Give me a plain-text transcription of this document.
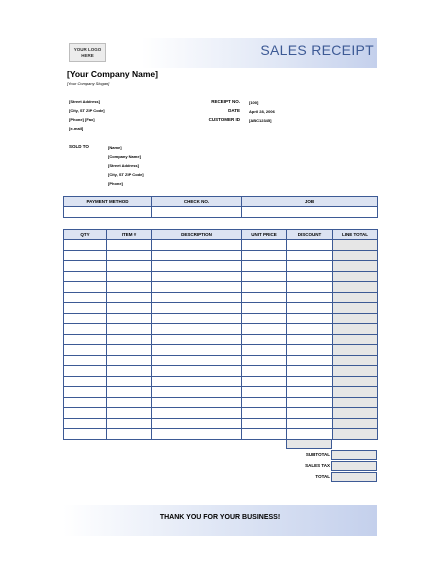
YOUR LOGO
HERE	SALES RECEIPT
[Your Company Name]
[Your Company Slogan]
[Street Address]
[City, ST ZIP Code]
[Phone] [Fax]
[e-mail]
RECEIPT NO. [100]
DATE April 28, 2006
CUSTOMER ID [ABC12345]
SOLD TO	[Name]
[Company Name]
[Street Address]
[City, ST ZIP Code]
[Phone]
PAYMENT METHOD	CHECK NO.	JOB

QTY	ITEM #	DESCRIPTION	UNIT PRICE	DISCOUNT	LINE TOTAL

SUBTOTAL
SALES TAX
TOTAL
THANK YOU FOR YOUR BUSINESS!
